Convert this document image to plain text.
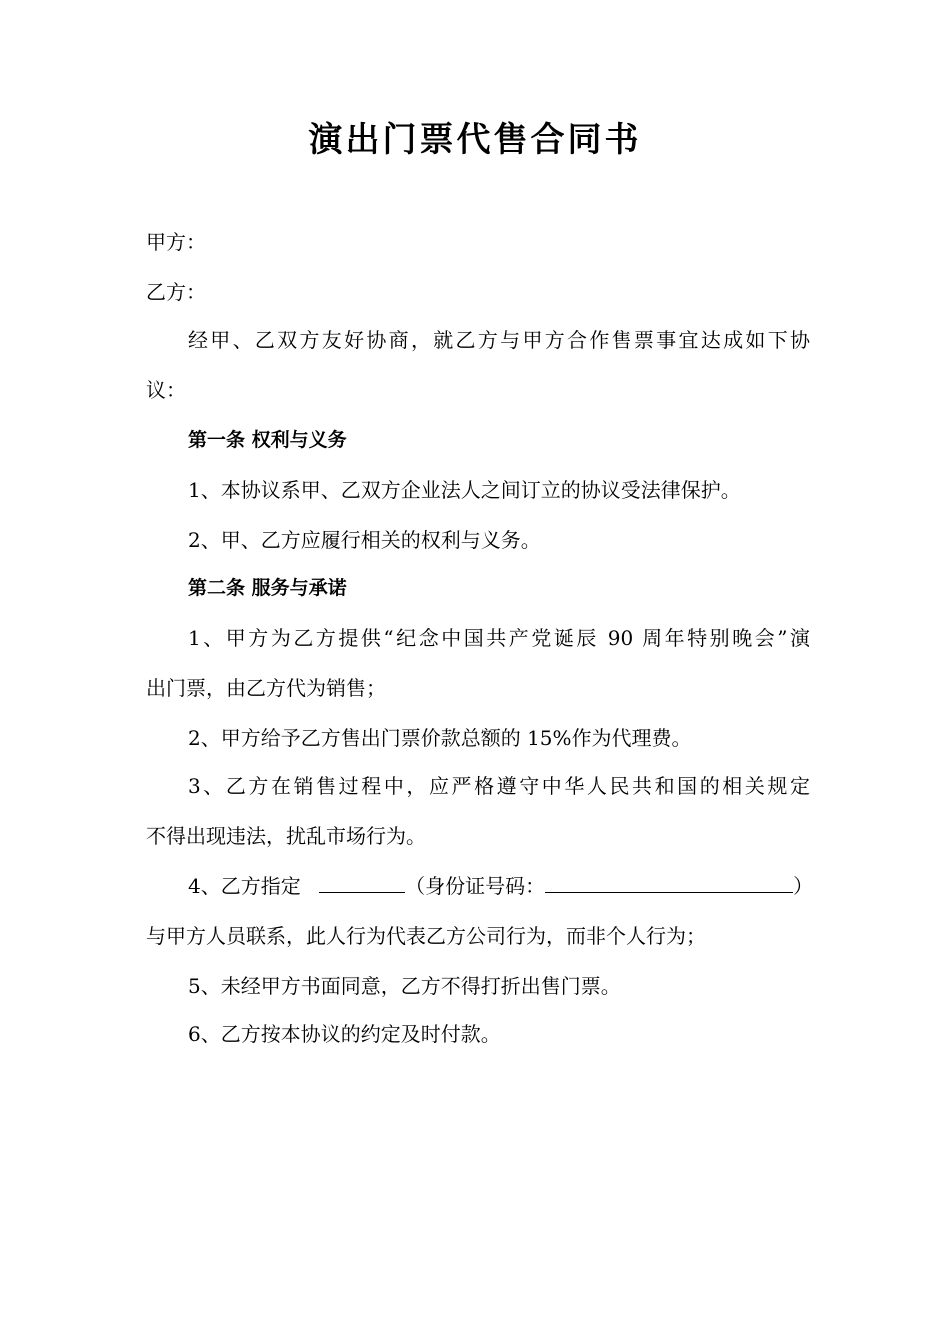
演出门票代售合同书
甲方：
乙方：
经甲、乙双方友好协商，就乙方与甲方合作售票事宜达成如下协
议：
第一条 权利与义务
1、本协议系甲、乙双方企业法人之间订立的协议受法律保护。
2、甲、乙方应履行相关的权利与义务。
第二条 服务与承诺
1、甲方为乙方提供“纪念中国共产党诞辰 90 周年特别晚会”演
出门票，由乙方代为销售；
2、甲方给予乙方售出门票价款总额的 15%作为代理费。
3、乙方在销售过程中，应严格遵守中华人民共和国的相关规定
不得出现违法，扰乱市场行为。
4、乙方指定	（身份证号码：	）
与甲方人员联系，此人行为代表乙方公司行为，而非个人行为；
5、未经甲方书面同意，乙方不得打折出售门票。
6、乙方按本协议的约定及时付款。
